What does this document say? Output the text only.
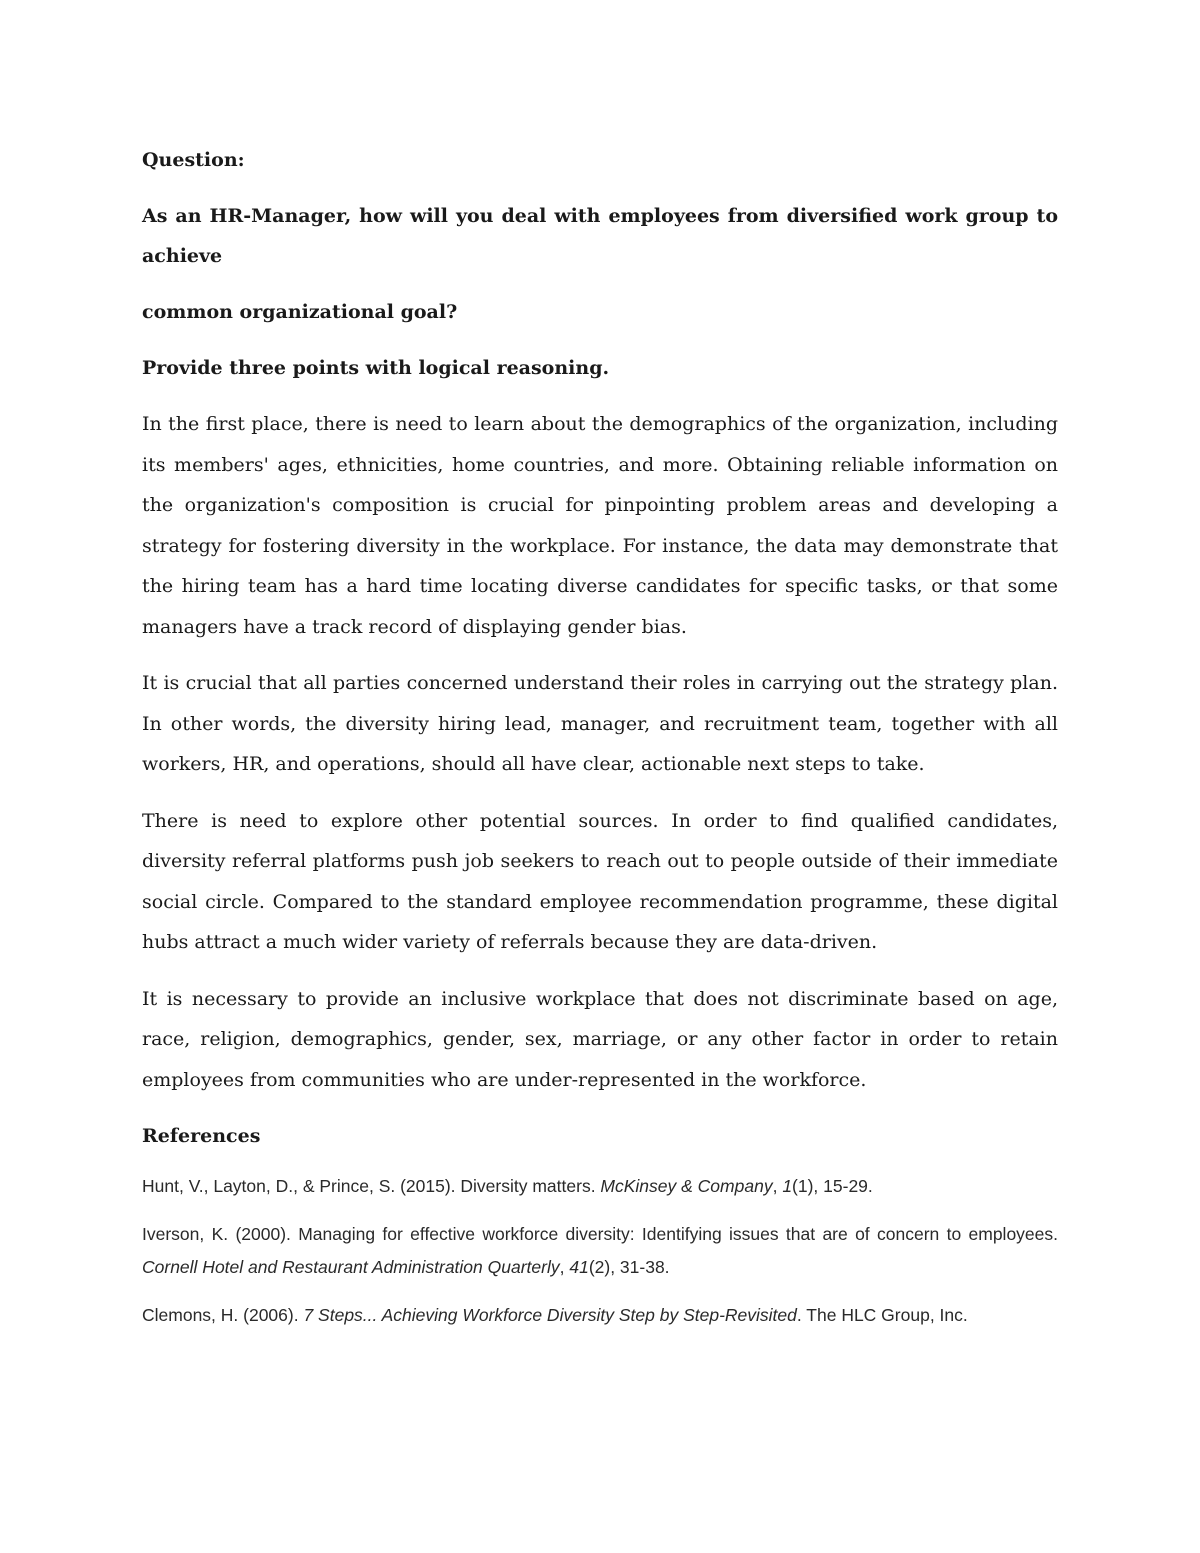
Question:

As an HR-Manager, how will you deal with employees from diversified work group to achieve

common organizational goal?

Provide three points with logical reasoning.

In the first place, there is need to learn about the demographics of the organization, including its members' ages, ethnicities, home countries, and more. Obtaining reliable information on the organization's composition is crucial for pinpointing problem areas and developing a strategy for fostering diversity in the workplace. For instance, the data may demonstrate that the hiring team has a hard time locating diverse candidates for specific tasks, or that some managers have a track record of displaying gender bias.

It is crucial that all parties concerned understand their roles in carrying out the strategy plan. In other words, the diversity hiring lead, manager, and recruitment team, together with all workers, HR, and operations, should all have clear, actionable next steps to take.

There is need to explore other potential sources. In order to find qualified candidates, diversity referral platforms push job seekers to reach out to people outside of their immediate social circle. Compared to the standard employee recommendation programme, these digital hubs attract a much wider variety of referrals because they are data-driven.

It is necessary to provide an inclusive workplace that does not discriminate based on age, race, religion, demographics, gender, sex, marriage, or any other factor in order to retain employees from communities who are under-represented in the workforce.

References

Hunt, V., Layton, D., & Prince, S. (2015). Diversity matters. McKinsey & Company, 1(1), 15-29.

Iverson, K. (2000). Managing for effective workforce diversity: Identifying issues that are of concern to employees. Cornell Hotel and Restaurant Administration Quarterly, 41(2), 31-38.

Clemons, H. (2006). 7 Steps... Achieving Workforce Diversity Step by Step-Revisited. The HLC Group, Inc.
